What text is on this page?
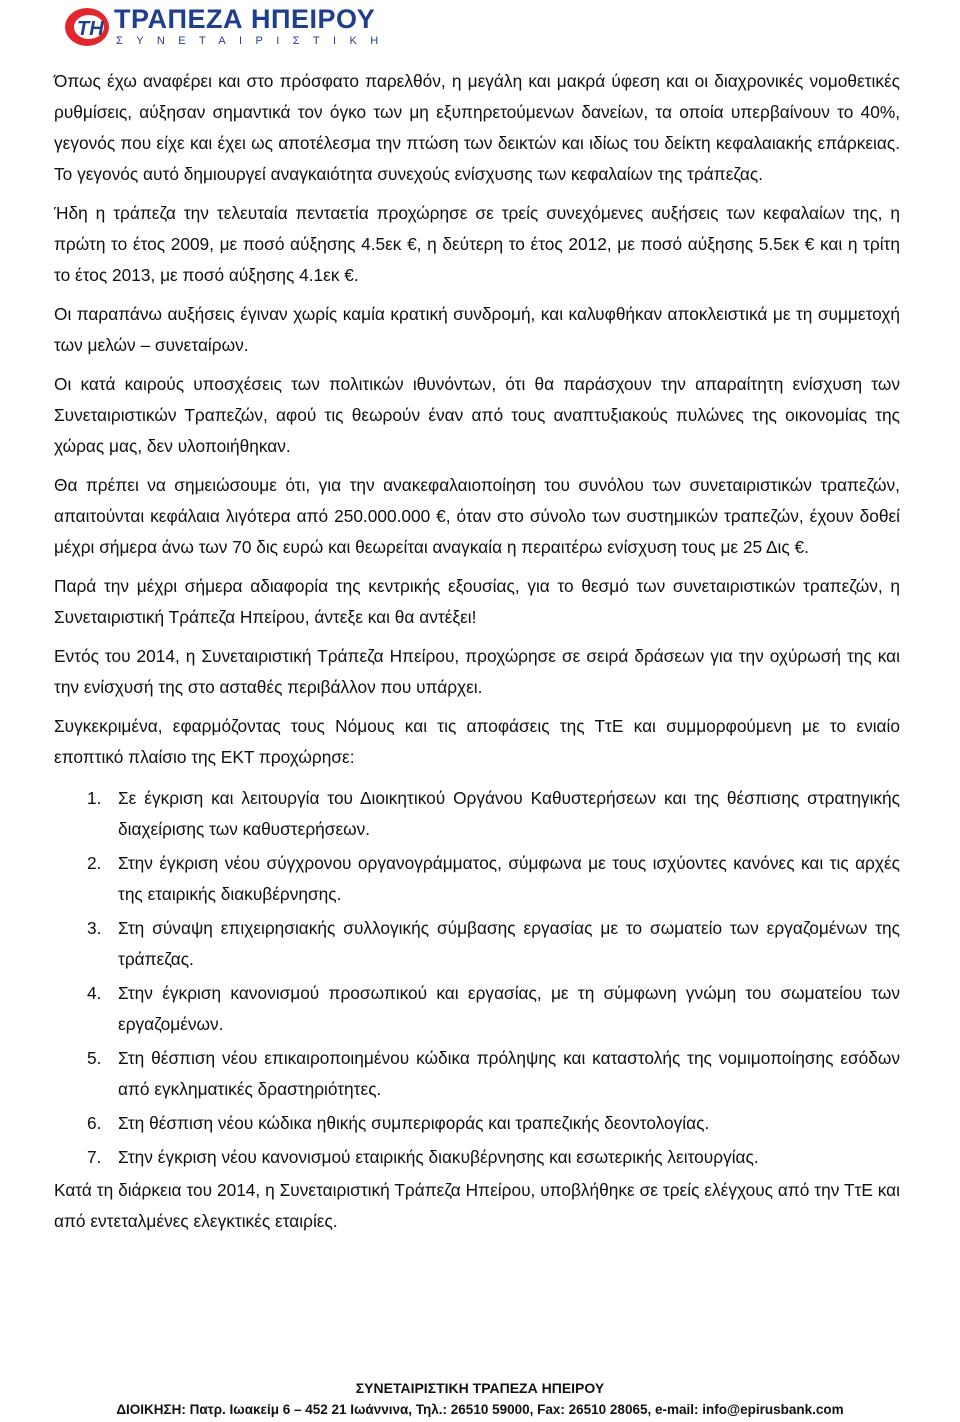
TH ΤΡΑΠΕΖΑ ΗΠΕΙΡΟΥ
ΣΥΝΕΤΑΙΡΙΣΤΙΚΗ

Όπως έχω αναφέρει και στο πρόσφατο παρελθόν, η μεγάλη και μακρά ύφεση και οι διαχρονικές νομοθετικές ρυθμίσεις, αύξησαν σημαντικά τον όγκο των μη εξυπηρετούμενων δανείων, τα οποία υπερβαίνουν το 40%, γεγονός που είχε και έχει ως αποτέλεσμα την πτώση των δεικτών και ιδίως του δείκτη κεφαλαιακής επάρκειας. Το γεγονός αυτό δημιουργεί αναγκαιότητα συνεχούς ενίσχυσης των κεφαλαίων της τράπεζας.

Ήδη η τράπεζα την τελευταία πενταετία προχώρησε σε τρείς συνεχόμενες αυξήσεις των κεφαλαίων της, η πρώτη το έτος 2009, με ποσό αύξησης 4.5εκ €, η δεύτερη το έτος 2012, με ποσό αύξησης 5.5εκ € και η τρίτη το έτος 2013, με ποσό αύξησης 4.1εκ €.

Οι παραπάνω αυξήσεις έγιναν χωρίς καμία κρατική συνδρομή, και καλυφθήκαν αποκλειστικά με τη συμμετοχή των μελών – συνεταίρων.

Οι κατά καιρούς υποσχέσεις των πολιτικών ιθυνόντων, ότι θα παράσχουν την απαραίτητη ενίσχυση των Συνεταιριστικών Τραπεζών, αφού τις θεωρούν έναν από τους αναπτυξιακούς πυλώνες της οικονομίας της χώρας μας, δεν υλοποιήθηκαν.

Θα πρέπει να σημειώσουμε ότι, για την ανακεφαλαιοποίηση του συνόλου των συνεταιριστικών τραπεζών, απαιτούνται κεφάλαια λιγότερα από 250.000.000 €, όταν στο σύνολο των συστημικών τραπεζών, έχουν δοθεί μέχρι σήμερα άνω των 70 δις ευρώ και θεωρείται αναγκαία η περαιτέρω ενίσχυση τους με 25 Δις €.

Παρά την μέχρι σήμερα αδιαφορία της κεντρικής εξουσίας, για το θεσμό των συνεταιριστικών τραπεζών, η Συνεταιριστική Τράπεζα Ηπείρου, άντεξε και θα αντέξει!

Εντός του 2014, η Συνεταιριστική Τράπεζα Ηπείρου, προχώρησε σε σειρά δράσεων για την οχύρωσή της και την ενίσχυσή της στο ασταθές περιβάλλον που υπάρχει.

Συγκεκριμένα, εφαρμόζοντας τους Νόμους και τις αποφάσεις της ΤτΕ και συμμορφούμενη με το ενιαίο εποπτικό πλαίσιο της ΕΚΤ προχώρησε:

1. Σε έγκριση και λειτουργία του Διοικητικού Οργάνου Καθυστερήσεων και της θέσπισης στρατηγικής διαχείρισης των καθυστερήσεων.
2. Στην έγκριση νέου σύγχρονου οργανογράμματος, σύμφωνα με τους ισχύοντες κανόνες και τις αρχές της εταιρικής διακυβέρνησης.
3. Στη σύναψη επιχειρησιακής συλλογικής σύμβασης εργασίας με το σωματείο των εργαζομένων της τράπεζας.
4. Στην έγκριση κανονισμού προσωπικού και εργασίας, με τη σύμφωνη γνώμη του σωματείου των εργαζομένων.
5. Στη θέσπιση νέου επικαιροποιημένου κώδικα πρόληψης και καταστολής της νομιμοποίησης εσόδων από εγκληματικές δραστηριότητες.
6. Στη θέσπιση νέου κώδικα ηθικής συμπεριφοράς και τραπεζικής δεοντολογίας.
7. Στην έγκριση νέου κανονισμού εταιρικής διακυβέρνησης και εσωτερικής λειτουργίας.

Κατά τη διάρκεια του 2014, η Συνεταιριστική Τράπεζα Ηπείρου, υποβλήθηκε σε τρείς ελέγχους από την ΤτΕ και από εντεταλμένες ελεγκτικές εταιρίες.

ΣΥΝΕΤΑΙΡΙΣΤΙΚΗ ΤΡΑΠΕΖΑ ΗΠΕΙΡΟΥ
ΔΙΟΙΚΗΣΗ: Πατρ. Ιωακείμ 6 – 452 21 Ιωάννινα, Τηλ.: 26510 59000, Fax: 26510 28065, e-mail: info@epirusbank.com
